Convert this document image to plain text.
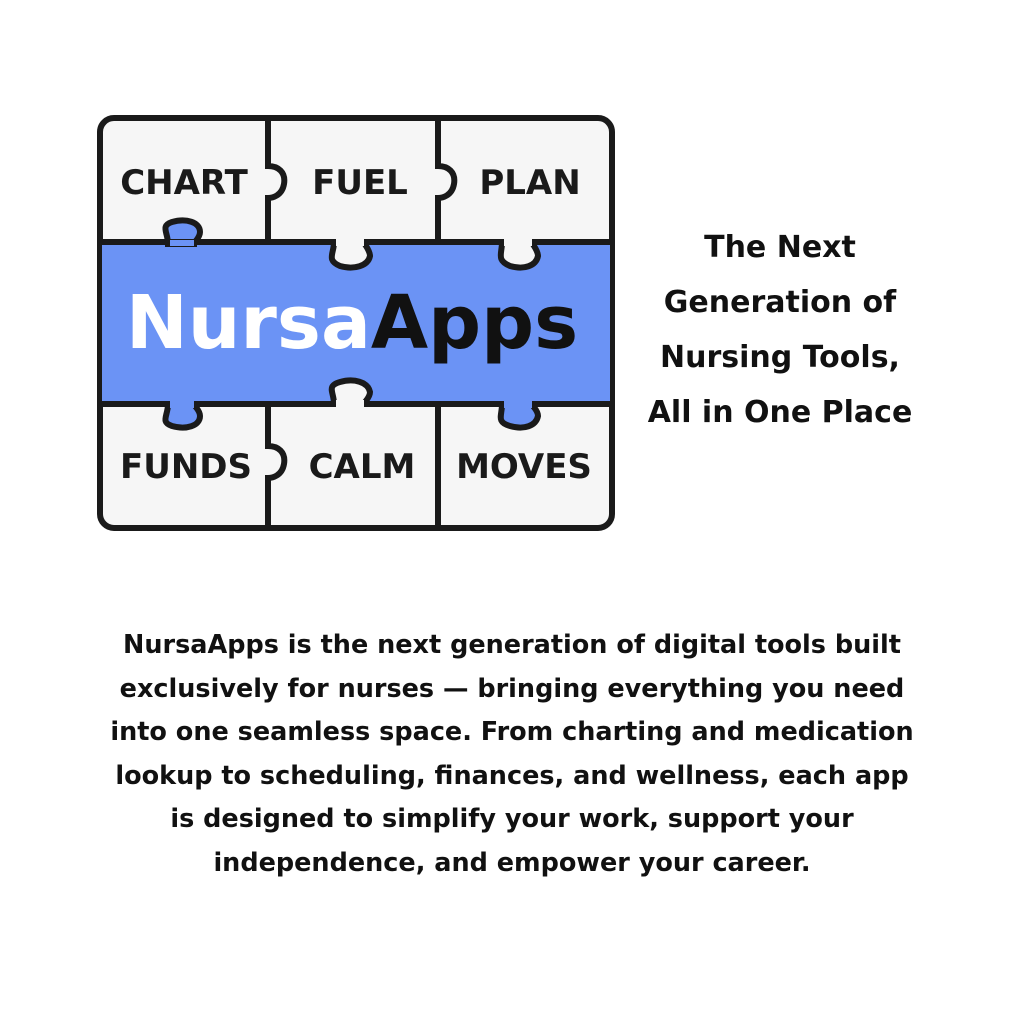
CHART FUEL PLAN
NursaApps
FUNDS CALM MOVES
The Next
Generation of
Nursing Tools,
All in One Place
NursaApps is the next generation of digital tools built
exclusively for nurses — bringing everything you need
into one seamless space. From charting and medication
lookup to scheduling, finances, and wellness, each app
is designed to simplify your work, support your
independence, and empower your career.
